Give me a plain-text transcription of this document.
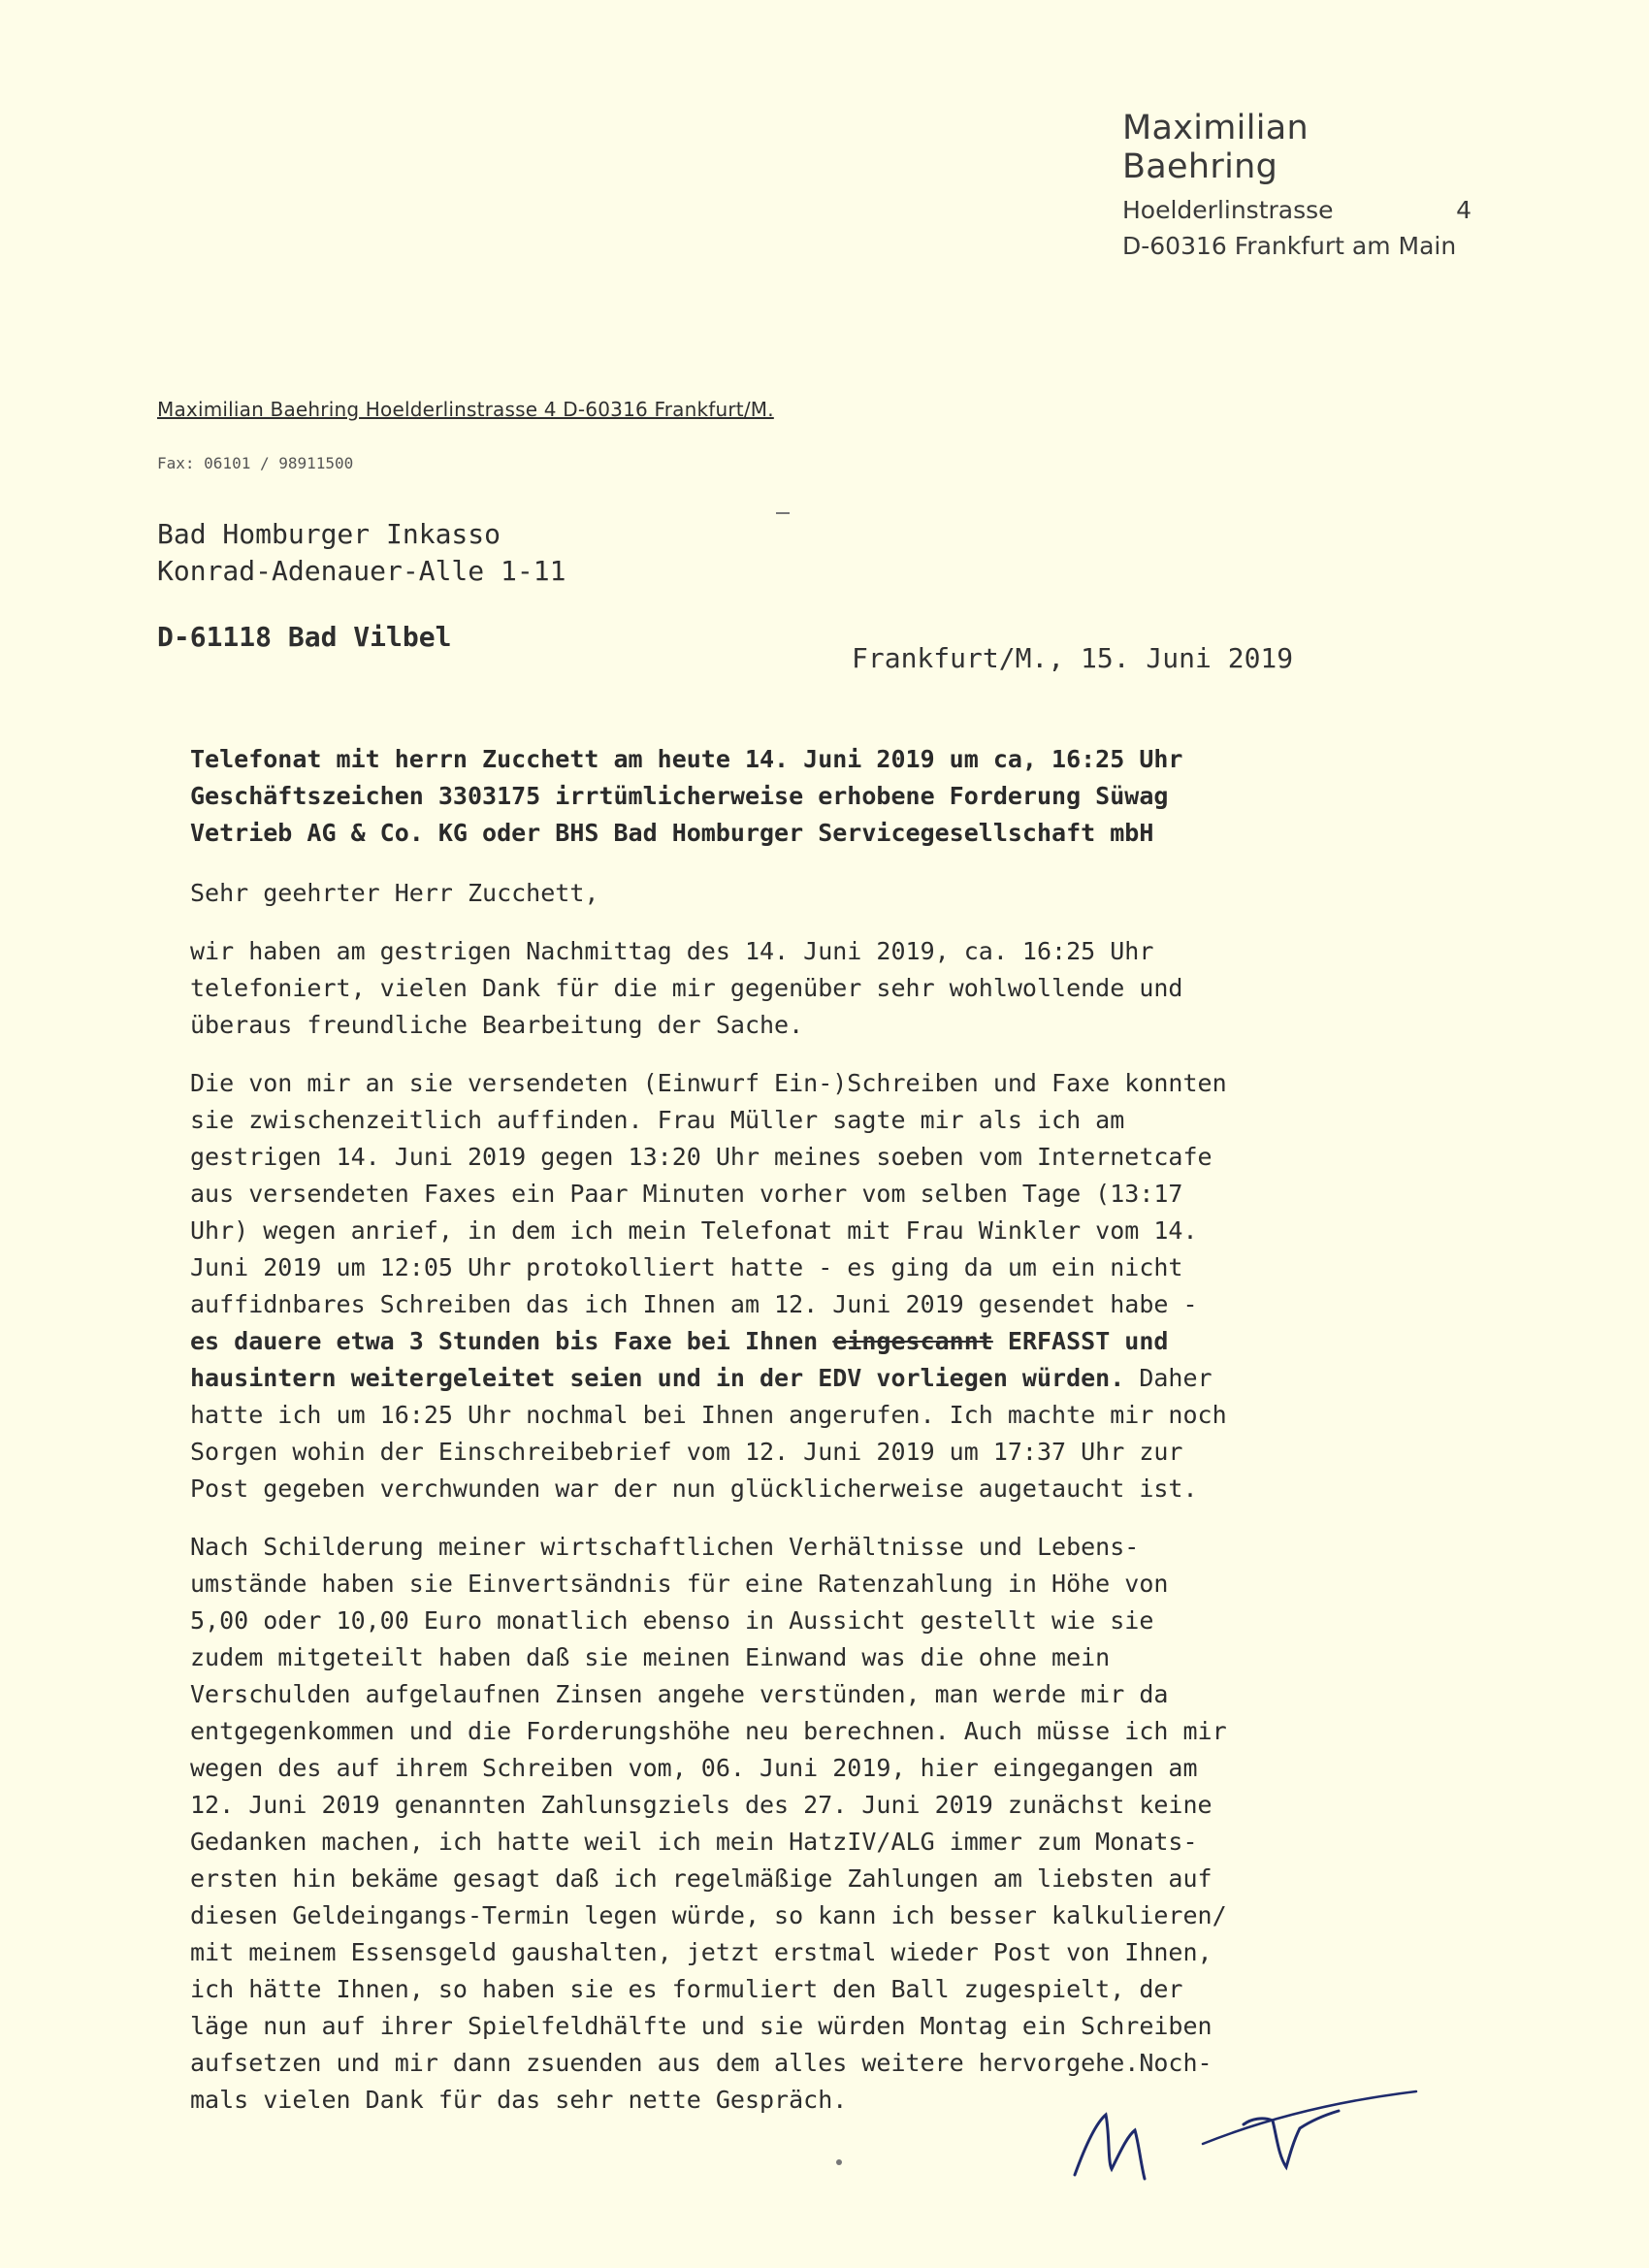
Maximilian Baehring
Hoelderlinstrasse	4
D-60316 Frankfurt am Main
Maximilian Baehring Hoelderlinstrasse 4 D-60316 Frankfurt/M.
Fax: 06101 / 98911500
Bad Homburger Inkasso
Konrad-Adenauer-Alle 1-11
D-61118 Bad Vilbel
Frankfurt/M., 15. Juni 2019
Telefonat mit herrn Zucchett am heute 14. Juni 2019 um ca, 16:25 Uhr
Geschäftszeichen 3303175 irrtümlicherweise erhobene Forderung Süwag
Vetrieb AG & Co. KG oder BHS Bad Homburger Servicegesellschaft mbH

Sehr geehrter Herr Zucchett,

wir haben am gestrigen Nachmittag des 14. Juni 2019, ca. 16:25 Uhr

telefoniert, vielen Dank für die mir gegenüber sehr wohlwollende und

überaus freundliche Bearbeitung der Sache.

Die von mir an sie versendeten (Einwurf Ein-)Schreiben und Faxe konnten

sie zwischenzeitlich auffinden. Frau Müller sagte mir als ich am

gestrigen 14. Juni 2019 gegen 13:20 Uhr meines soeben vom Internetcafe

aus versendeten Faxes ein Paar Minuten vorher vom selben Tage (13:17

Uhr) wegen anrief, in dem ich mein Telefonat mit Frau Winkler vom 14.

Juni 2019 um 12:05 Uhr protokolliert hatte - es ging da um ein nicht

auffidnbares Schreiben das ich Ihnen am 12. Juni 2019 gesendet habe -

es dauere etwa 3 Stunden bis Faxe bei Ihnen eingescannt ERFASST und

hausintern weitergeleitet seien und in der EDV vorliegen würden. Daher

hatte ich um 16:25 Uhr nochmal bei Ihnen angerufen. Ich machte mir noch

Sorgen wohin der Einschreibebrief vom 12. Juni 2019 um 17:37 Uhr zur

Post gegeben verchwunden war der nun glücklicherweise augetaucht ist.

Nach Schilderung meiner wirtschaftlichen Verhältnisse und Lebens-

umstände haben sie Einvertsändnis für eine Ratenzahlung in Höhe von

5,00 oder 10,00 Euro monatlich ebenso in Aussicht gestellt wie sie

zudem mitgeteilt haben daß sie meinen Einwand was die ohne mein

Verschulden aufgelaufnen Zinsen angehe verstünden, man werde mir da

entgegenkommen und die Forderungshöhe neu berechnen. Auch müsse ich mir

wegen des auf ihrem Schreiben vom, 06. Juni 2019, hier eingegangen am

12. Juni 2019 genannten Zahlunsgziels des 27. Juni 2019 zunächst keine

Gedanken machen, ich hatte weil ich mein HatzIV/ALG immer zum Monats-

ersten hin bekäme gesagt daß ich regelmäßige Zahlungen am liebsten auf

diesen Geldeingangs-Termin legen würde, so kann ich besser kalkulieren/

mit meinem Essensgeld gaushalten, jetzt erstmal wieder Post von Ihnen,

ich hätte Ihnen, so haben sie es formuliert den Ball zugespielt, der

läge nun auf ihrer Spielfeldhälfte und sie würden Montag ein Schreiben

aufsetzen und mir dann zsuenden aus dem alles weitere hervorgehe.Noch-

mals vielen Dank für das sehr nette Gespräch.
